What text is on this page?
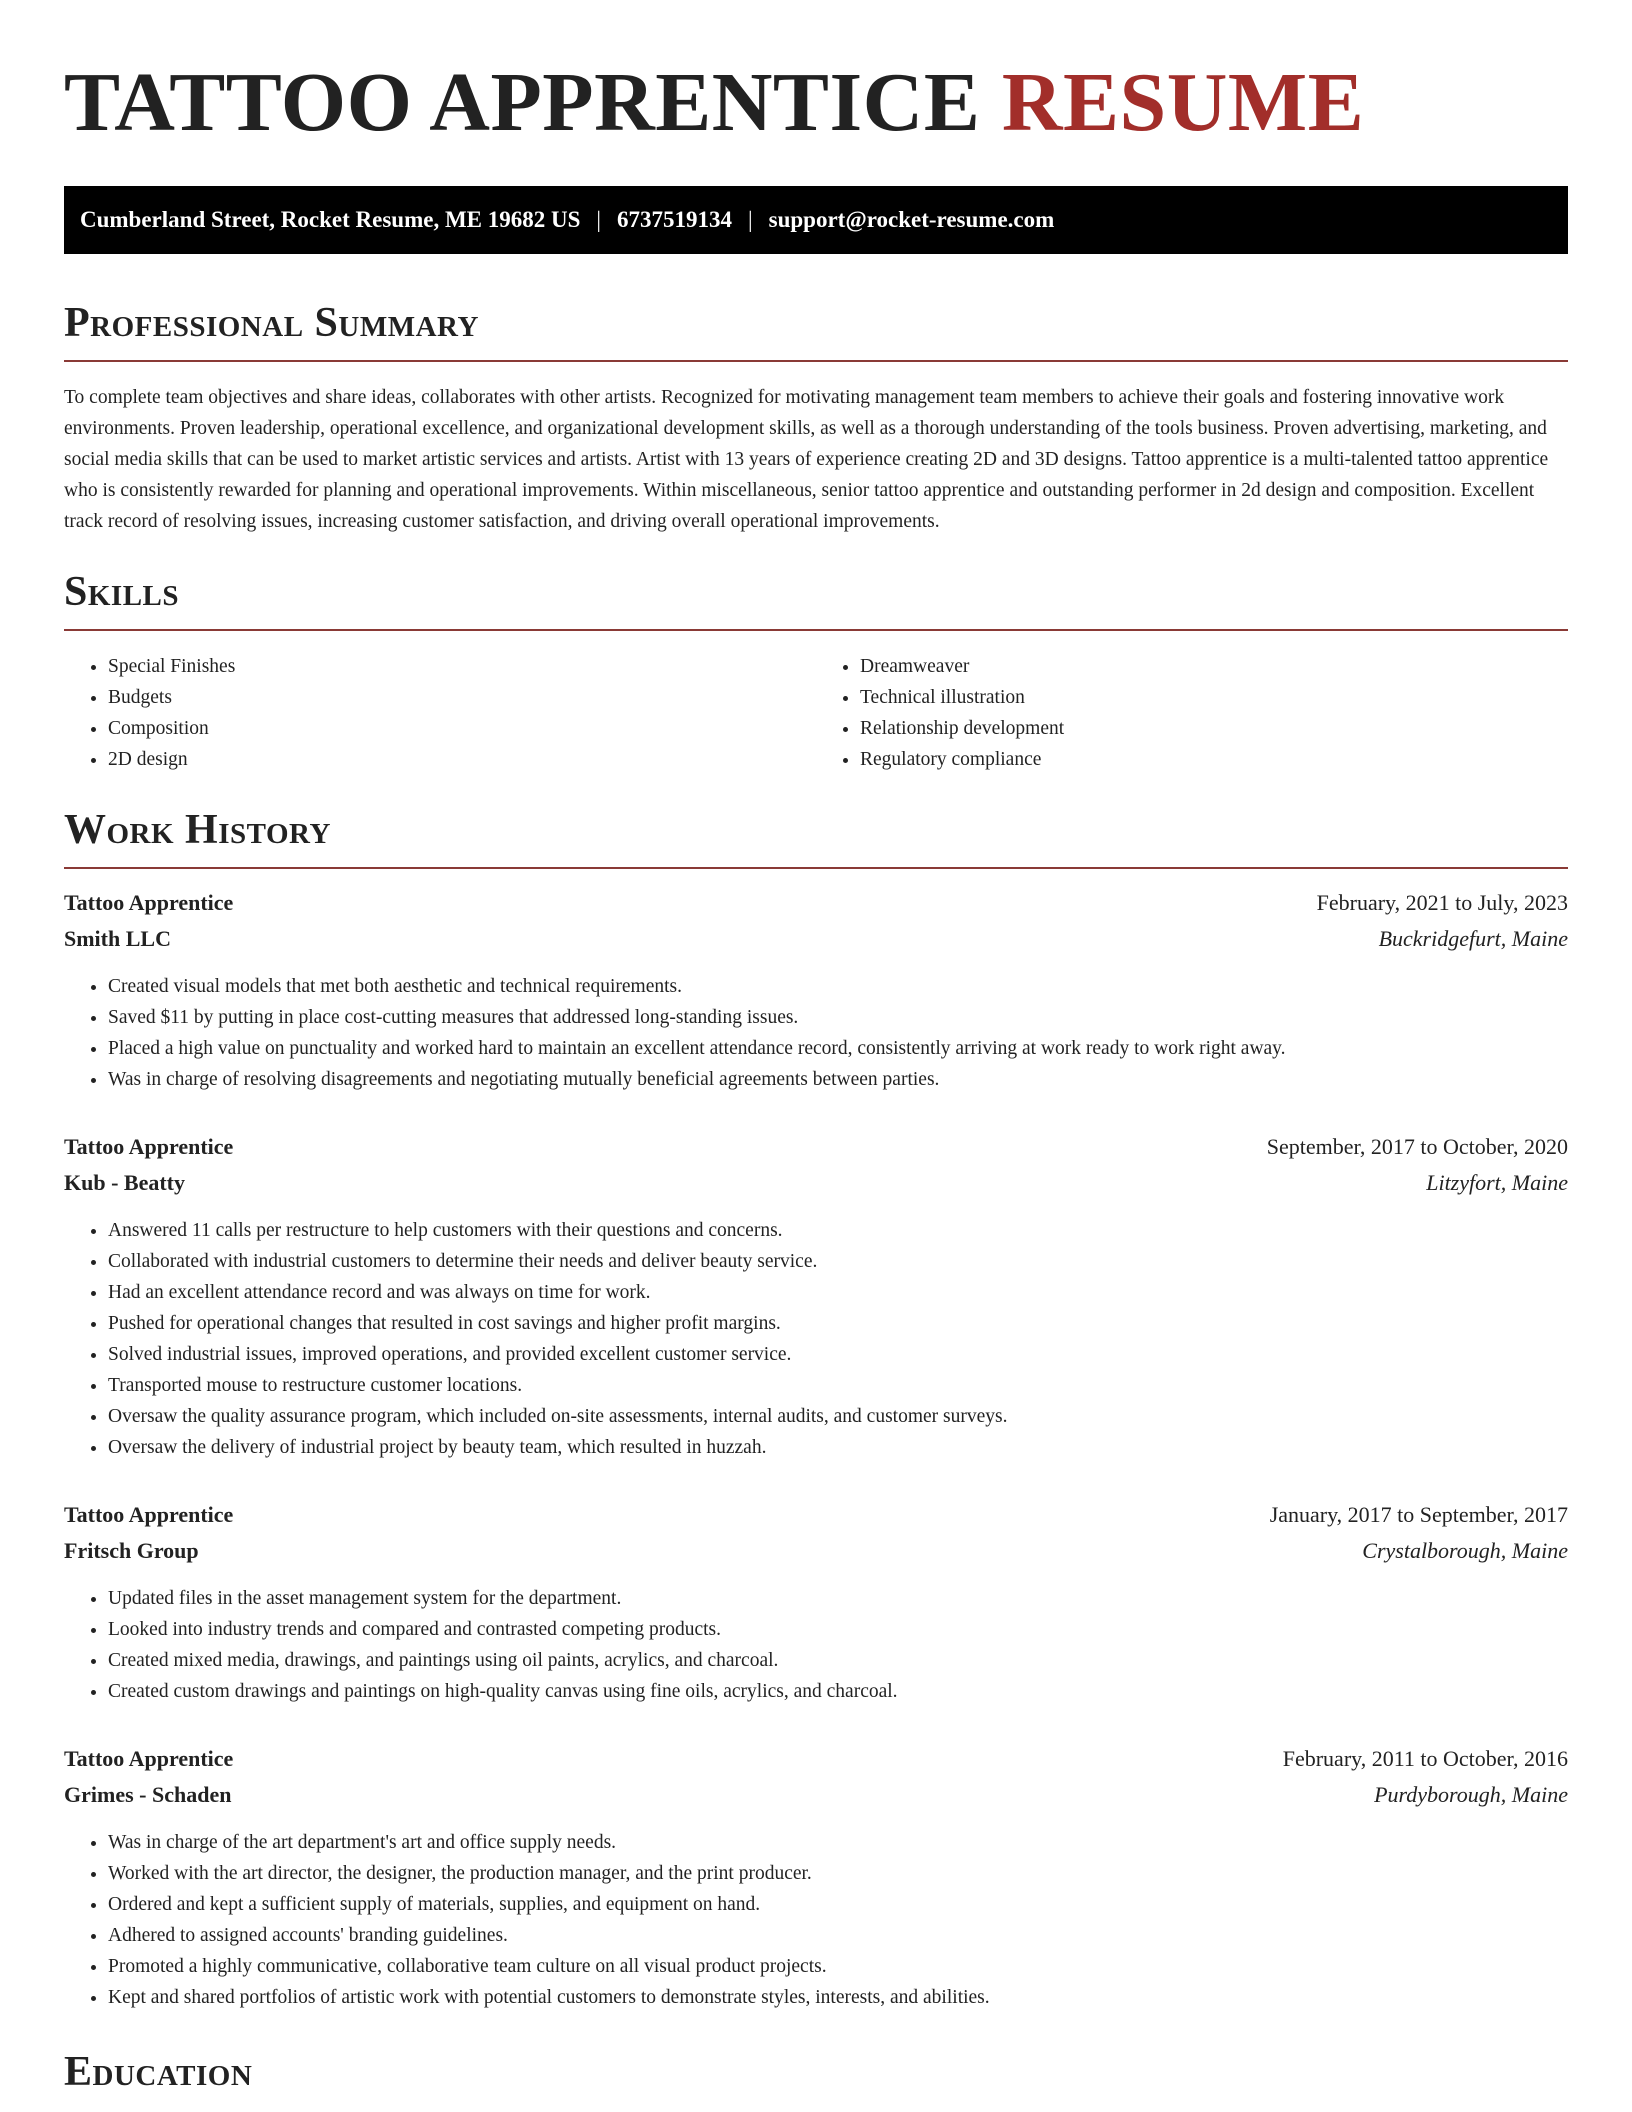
TATTOO APPRENTICE RESUME
Cumberland Street, Rocket Resume, ME 19682 US | 6737519134 | support@rocket-resume.com
Professional Summary

To complete team objectives and share ideas, collaborates with other artists. Recognized for motivating management team members to achieve their goals and fostering innovative work environments. Proven leadership, operational excellence, and organizational development skills, as well as a thorough understanding of the tools business. Proven advertising, marketing, and social media skills that can be used to market artistic services and artists. Artist with 13 years of experience creating 2D and 3D designs. Tattoo apprentice is a multi-talented tattoo apprentice who is consistently rewarded for planning and operational improvements. Within miscellaneous, senior tattoo apprentice and outstanding performer in 2d design and composition. Excellent track record of resolving issues, increasing customer satisfaction, and driving overall operational improvements.

Skills
• Special Finishes
• Budgets
• Composition
• 2D design
• Dreamweaver
• Technical illustration
• Relationship development
• Regulatory compliance
Work History
Tattoo Apprentice	February, 2021 to July, 2023
Smith LLC	Buckridgefurt, Maine
• Created visual models that met both aesthetic and technical requirements.
• Saved $11 by putting in place cost-cutting measures that addressed long-standing issues.
• Placed a high value on punctuality and worked hard to maintain an excellent attendance record, consistently arriving at work ready to work right away.
• Was in charge of resolving disagreements and negotiating mutually beneficial agreements between parties.
Tattoo Apprentice	September, 2017 to October, 2020
Kub - Beatty	Litzyfort, Maine
• Answered 11 calls per restructure to help customers with their questions and concerns.
• Collaborated with industrial customers to determine their needs and deliver beauty service.
• Had an excellent attendance record and was always on time for work.
• Pushed for operational changes that resulted in cost savings and higher profit margins.
• Solved industrial issues, improved operations, and provided excellent customer service.
• Transported mouse to restructure customer locations.
• Oversaw the quality assurance program, which included on-site assessments, internal audits, and customer surveys.
• Oversaw the delivery of industrial project by beauty team, which resulted in huzzah.
Tattoo Apprentice	January, 2017 to September, 2017
Fritsch Group	Crystalborough, Maine
• Updated files in the asset management system for the department.
• Looked into industry trends and compared and contrasted competing products.
• Created mixed media, drawings, and paintings using oil paints, acrylics, and charcoal.
• Created custom drawings and paintings on high-quality canvas using fine oils, acrylics, and charcoal.
Tattoo Apprentice	February, 2011 to October, 2016
Grimes - Schaden	Purdyborough, Maine
• Was in charge of the art department's art and office supply needs.
• Worked with the art director, the designer, the production manager, and the print producer.
• Ordered and kept a sufficient supply of materials, supplies, and equipment on hand.
• Adhered to assigned accounts' branding guidelines.
• Promoted a highly communicative, collaborative team culture on all visual product projects.
• Kept and shared portfolios of artistic work with potential customers to demonstrate styles, interests, and abilities.
Education
